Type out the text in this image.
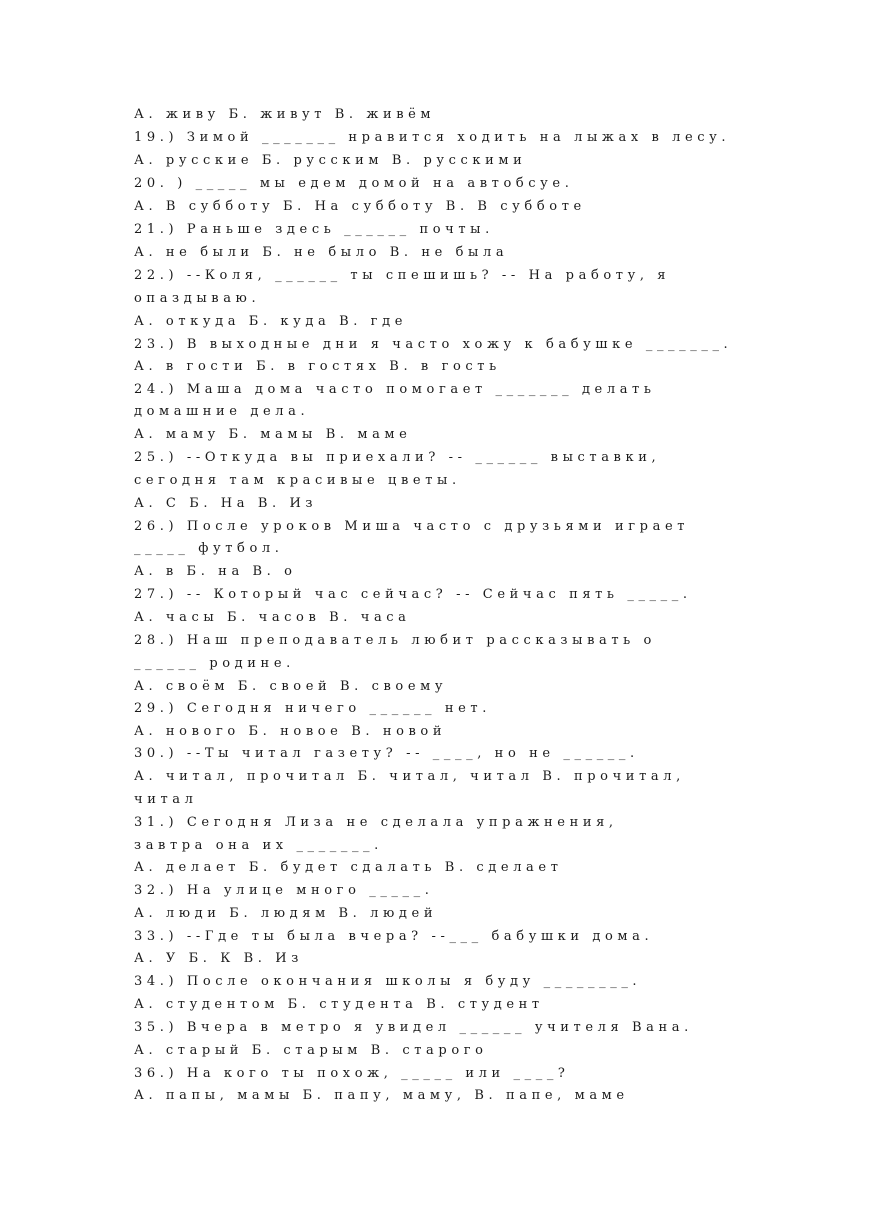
А. живу Б. живут В. живём
19.) Зимой _______ нравится ходить на лыжах в лесу.
А. русские Б. русским В. русскими
20. ) _____ мы едем домой на автобсуе.
А. В субботу Б. На субботу В. В субботе
21.) Раньше здесь ______ почты.
А. не были Б. не было В. не была
22.) --Коля, ______ ты спешишь? -- На работу, я
опаздываю.
А. откуда Б. куда В. где
23.) В выходные дни я часто хожу к бабушке _______.
А. в гости Б. в гостях В. в гость
24.) Маша дома часто помогает _______ делать
домашние дела.
А. маму Б. мамы В. маме
25.) --Откуда вы приехали? -- ______ выставки,
сегодня там красивые цветы.
А. С Б. На В. Из
26.) После уроков Миша часто с друзьями играет
_____ футбол.
А. в Б. на В. о
27.) -- Который час сейчас? -- Сейчас пять _____.
А. часы Б. часов В. часа
28.) Наш преподаватель любит рассказывать о
______ родине.
А. своём Б. своей В. своему
29.) Сегодня ничего ______ нет.
А. нового Б. новое В. новой
30.) --Ты читал газету? -- ____, но не ______.
А. читал, прочитал Б. читал, читал В. прочитал,
читал
31.) Сегодня Лиза не сделала упражнения,
завтра она их _______.
А. делает Б. будет сдалать В. сделает
32.) На улице много _____.
А. люди Б. людям В. людей
33.) --Где ты была вчера? --___ бабушки дома.
А. У Б. К В. Из
34.) После окончания школы я буду ________.
А. студентом Б. студента В. студент
35.) Вчера в метро я увидел ______ учителя Вана.
А. старый Б. старым В. старого
36.) На кого ты похож, _____ или ____?
А. папы, мамы Б. папу, маму, В. папе, маме
